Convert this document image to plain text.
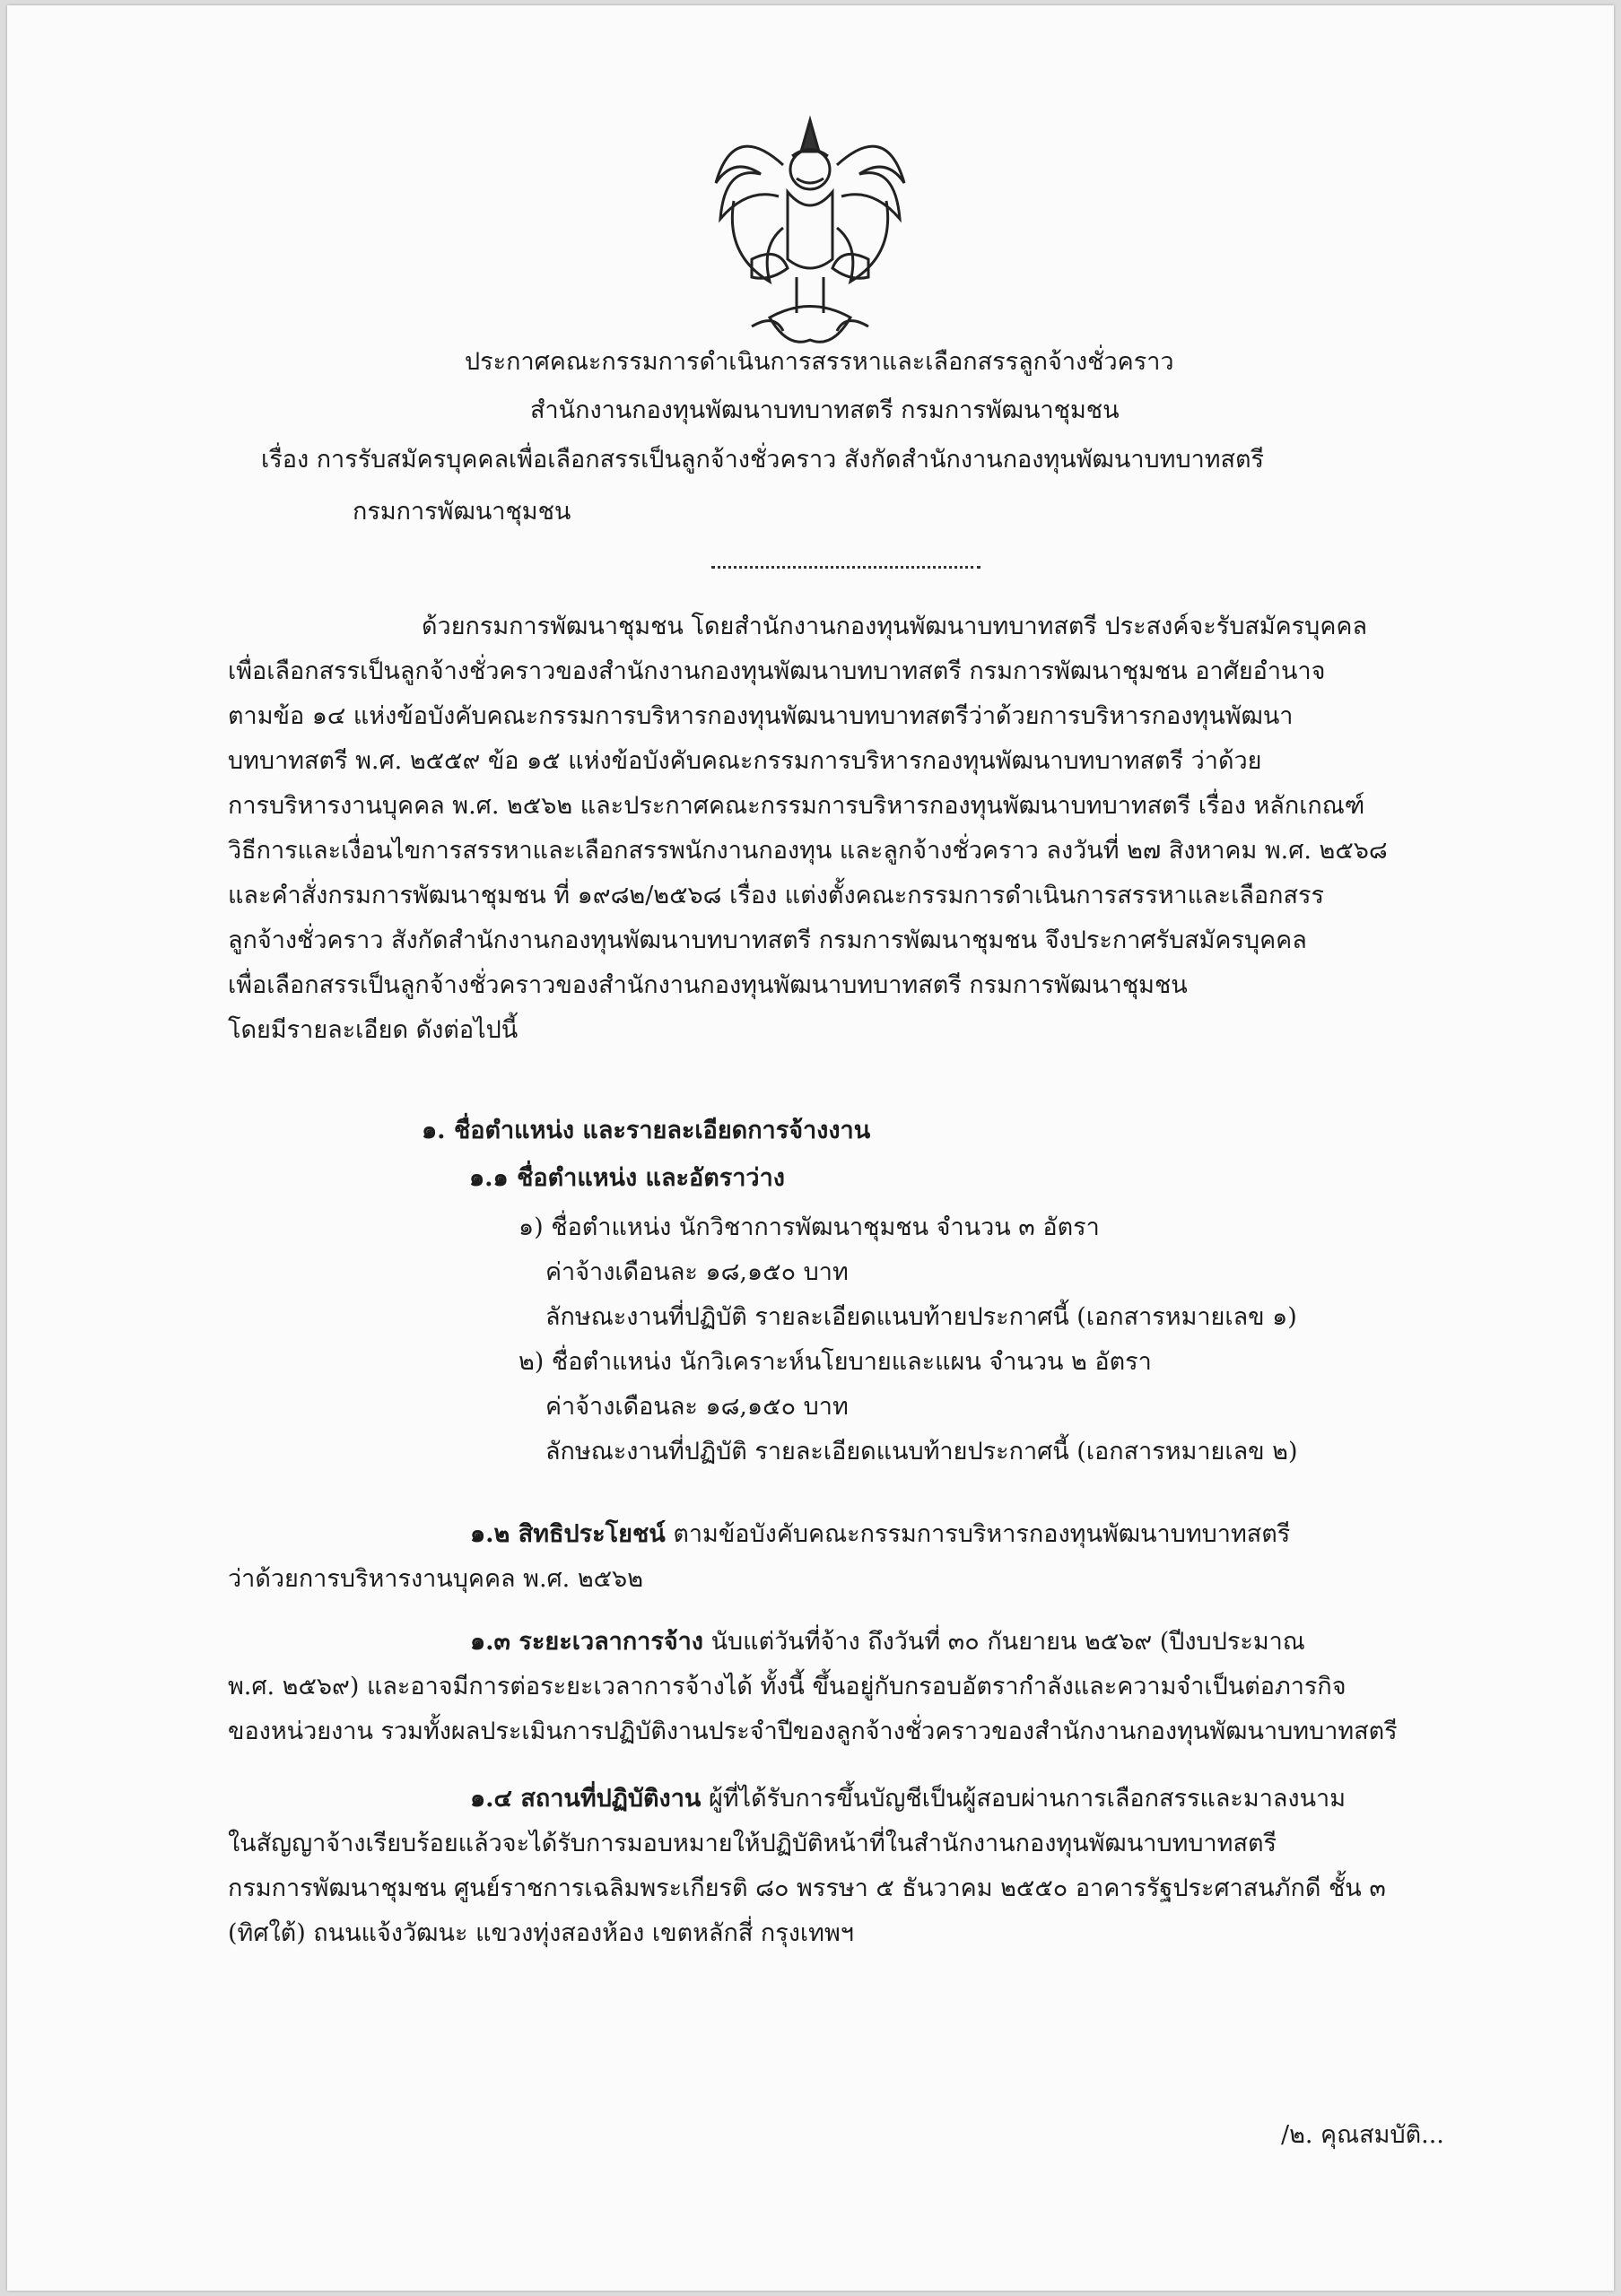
ประกาศคณะกรรมการดำเนินการสรรหาและเลือกสรรลูกจ้างชั่วคราว
สำนักงานกองทุนพัฒนาบทบาทสตรี กรมการพัฒนาชุมชน
เรื่อง การรับสมัครบุคคลเพื่อเลือกสรรเป็นลูกจ้างชั่วคราว สังกัดสำนักงานกองทุนพัฒนาบทบาทสตรี
กรมการพัฒนาชุมชน
ด้วยกรมการพัฒนาชุมชน โดยสำนักงานกองทุนพัฒนาบทบาทสตรี ประสงค์จะรับสมัครบุคคล
เพื่อเลือกสรรเป็นลูกจ้างชั่วคราวของสำนักงานกองทุนพัฒนาบทบาทสตรี กรมการพัฒนาชุมชน อาศัยอำนาจ
ตามข้อ ๑๔ แห่งข้อบังคับคณะกรรมการบริหารกองทุนพัฒนาบทบาทสตรีว่าด้วยการบริหารกองทุนพัฒนา
บทบาทสตรี พ.ศ. ๒๕๕๙ ข้อ ๑๕ แห่งข้อบังคับคณะกรรมการบริหารกองทุนพัฒนาบทบาทสตรี ว่าด้วย
การบริหารงานบุคคล พ.ศ. ๒๕๖๒ และประกาศคณะกรรมการบริหารกองทุนพัฒนาบทบาทสตรี เรื่อง หลักเกณฑ์
วิธีการและเงื่อนไขการสรรหาและเลือกสรรพนักงานกองทุน และลูกจ้างชั่วคราว ลงวันที่ ๒๗ สิงหาคม พ.ศ. ๒๕๖๘
และคำสั่งกรมการพัฒนาชุมชน ที่ ๑๙๘๒/๒๕๖๘ เรื่อง แต่งตั้งคณะกรรมการดำเนินการสรรหาและเลือกสรร
ลูกจ้างชั่วคราว สังกัดสำนักงานกองทุนพัฒนาบทบาทสตรี กรมการพัฒนาชุมชน จึงประกาศรับสมัครบุคคล
เพื่อเลือกสรรเป็นลูกจ้างชั่วคราวของสำนักงานกองทุนพัฒนาบทบาทสตรี กรมการพัฒนาชุมชน
โดยมีรายละเอียด ดังต่อไปนี้
๑. ชื่อตำแหน่ง และรายละเอียดการจ้างงาน
๑.๑ ชื่อตำแหน่ง และอัตราว่าง
๑) ชื่อตำแหน่ง นักวิชาการพัฒนาชุมชน จำนวน ๓ อัตรา
ค่าจ้างเดือนละ ๑๘,๑๕๐ บาท
ลักษณะงานที่ปฏิบัติ รายละเอียดแนบท้ายประกาศนี้ (เอกสารหมายเลข ๑)
๒) ชื่อตำแหน่ง นักวิเคราะห์นโยบายและแผน จำนวน ๒ อัตรา
ค่าจ้างเดือนละ ๑๘,๑๕๐ บาท
ลักษณะงานที่ปฏิบัติ รายละเอียดแนบท้ายประกาศนี้ (เอกสารหมายเลข ๒)
๑.๒ สิทธิประโยชน์ ตามข้อบังคับคณะกรรมการบริหารกองทุนพัฒนาบทบาทสตรี
ว่าด้วยการบริหารงานบุคคล พ.ศ. ๒๕๖๒
๑.๓ ระยะเวลาการจ้าง นับแต่วันที่จ้าง ถึงวันที่ ๓๐ กันยายน ๒๕๖๙ (ปีงบประมาณ
พ.ศ. ๒๕๖๙) และอาจมีการต่อระยะเวลาการจ้างได้ ทั้งนี้ ขึ้นอยู่กับกรอบอัตรากำลังและความจำเป็นต่อภารกิจ
ของหน่วยงาน รวมทั้งผลประเมินการปฏิบัติงานประจำปีของลูกจ้างชั่วคราวของสำนักงานกองทุนพัฒนาบทบาทสตรี
๑.๔ สถานที่ปฏิบัติงาน ผู้ที่ได้รับการขึ้นบัญชีเป็นผู้สอบผ่านการเลือกสรรและมาลงนาม
ในสัญญาจ้างเรียบร้อยแล้วจะได้รับการมอบหมายให้ปฏิบัติหน้าที่ในสำนักงานกองทุนพัฒนาบทบาทสตรี
กรมการพัฒนาชุมชน ศูนย์ราชการเฉลิมพระเกียรติ ๘๐ พรรษา ๕ ธันวาคม ๒๕๕๐ อาคารรัฐประศาสนภักดี ชั้น ๓
(ทิศใต้) ถนนแจ้งวัฒนะ แขวงทุ่งสองห้อง เขตหลักสี่ กรุงเทพฯ
/๒. คุณสมบัติ...
